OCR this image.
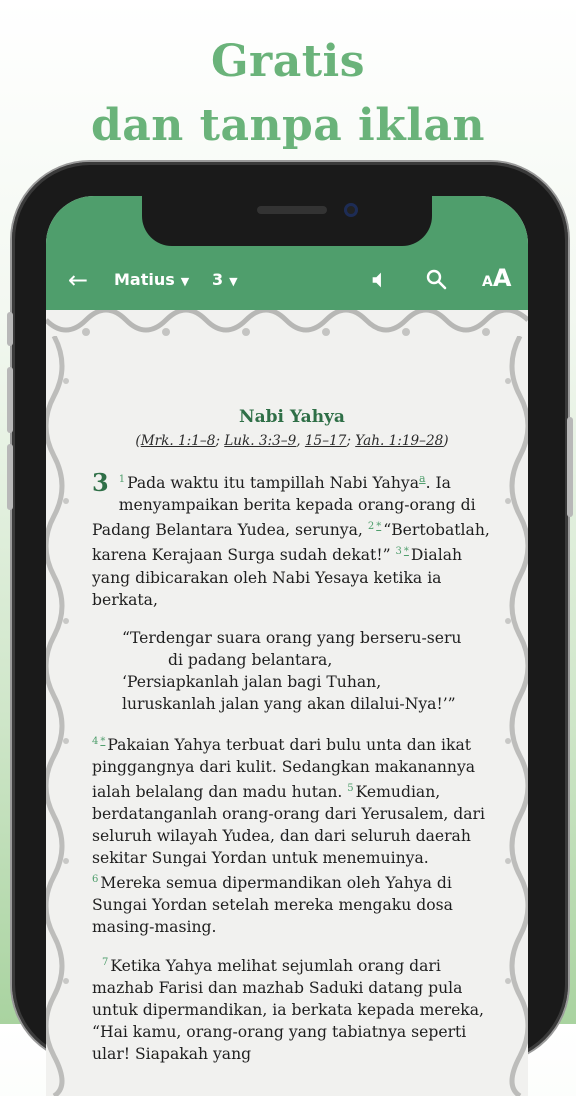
Gratis
dan tanpa iklan
← Matius ▼ 3 ▼	AA
Nabi Yahya
(Mrk. 1:1–8; Luk. 3:3–9, 15–17; Yah. 1:19–28)

3 $^1$ Pada waktu itu tampillah Nabi Yahya$^a$. Ia menyampaikan berita kepada orang-orang di Padang Belantara Yudea, serunya, $^2$ * “Bertobatlah, karena Kerajaan Surga sudah dekat!” $^3$ * Dialah yang dibicarakan oleh Nabi Yesaya ketika ia berkata,

“Terdengar suara orang yang berseru-seru
di padang belantara,
‘Persiapkanlah jalan bagi Tuhan,
luruskanlah jalan yang akan dilalui-Nya!’”

$^4$ * Pakaian Yahya terbuat dari bulu unta dan ikat pinggangnya dari kulit. Sedangkan makanannya ialah belalang dan madu hutan. $^5$ Kemudian, berdatanganlah orang-orang dari Yerusalem, dari seluruh wilayah Yudea, dan dari seluruh daerah sekitar Sungai Yordan untuk menemuinya. $^6$ Mereka semua dipermandikan oleh Yahya di Sungai Yordan setelah mereka mengaku dosa masing-masing.

$^7$ Ketika Yahya melihat sejumlah orang dari mazhab Farisi dan mazhab Saduki datang pula untuk dipermandikan, ia berkata kepada mereka, “Hai kamu, orang-orang yang tabiatnya seperti ular! Siapakah yang
